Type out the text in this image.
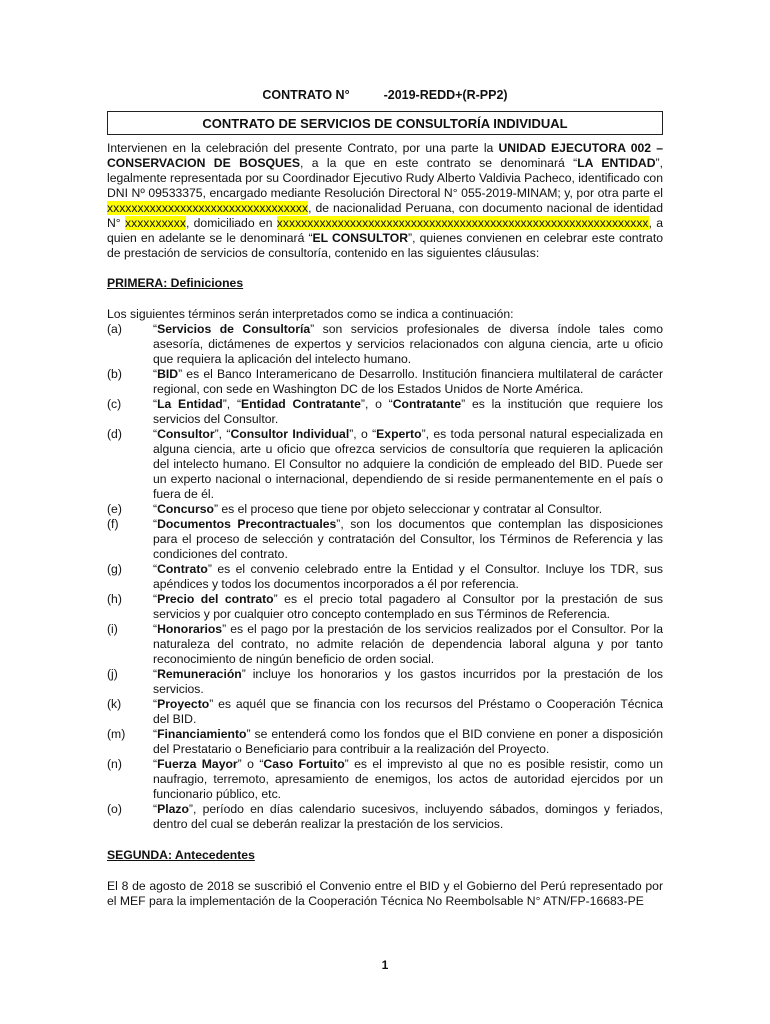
CONTRATO N°	-2019-REDD+(R-PP2)
CONTRATO DE SERVICIOS DE CONSULTORÍA INDIVIDUAL

Intervienen en la celebración del presente Contrato, por una parte la UNIDAD EJECUTORA 002 – CONSERVACION DE BOSQUES, a la que en este contrato se denominará “LA ENTIDAD”, legalmente representada por su Coordinador Ejecutivo Rudy Alberto Valdivia Pacheco, identificado con DNI Nº 09533375, encargado mediante Resolución Directoral N° 055-2019-MINAM; y, por otra parte el xxxxxxxxxxxxxxxxxxxxxxxxxxxxxxxxx, de nacionalidad Peruana, con documento nacional de identidad N° xxxxxxxxxx, domiciliado en xxxxxxxxxxxxxxxxxxxxxxxxxxxxxxxxxxxxxxxxxxxxxxxxxxxxxxxxxxxxx, a quien en adelante se le denominará “EL CONSULTOR”, quienes convienen en celebrar este contrato de prestación de servicios de consultoría, contenido en las siguientes cláusulas:

PRIMERA: Definiciones

Los siguientes términos serán interpretados como se indica a continuación:

(a)	“Servicios de Consultoría” son servicios profesionales de diversa índole tales como asesoría, dictámenes de expertos y servicios relacionados con alguna ciencia, arte u oficio que requiera la aplicación del intelecto humano.
(b)	“BID” es el Banco Interamericano de Desarrollo. Institución financiera multilateral de carácter regional, con sede en Washington DC de los Estados Unidos de Norte América.
(c)	“La Entidad”, “Entidad Contratante”, o “Contratante” es la institución que requiere los servicios del Consultor.
(d)	“Consultor”, “Consultor Individual”, o “Experto”, es toda personal natural especializada en alguna ciencia, arte u oficio que ofrezca servicios de consultoría que requieren la aplicación del intelecto humano. El Consultor no adquiere la condición de empleado del BID. Puede ser un experto nacional o internacional, dependiendo de si reside permanentemente en el país o fuera de él.
(e)	“Concurso” es el proceso que tiene por objeto seleccionar y contratar al Consultor.
(f)	“Documentos Precontractuales”, son los documentos que contemplan las disposiciones para el proceso de selección y contratación del Consultor, los Términos de Referencia y las condiciones del contrato.
(g)	“Contrato” es el convenio celebrado entre la Entidad y el Consultor. Incluye los TDR, sus apéndices y todos los documentos incorporados a él por referencia.
(h)	“Precio del contrato” es el precio total pagadero al Consultor por la prestación de sus servicios y por cualquier otro concepto contemplado en sus Términos de Referencia.
(i)	“Honorarios” es el pago por la prestación de los servicios realizados por el Consultor. Por la naturaleza del contrato, no admite relación de dependencia laboral alguna y por tanto reconocimiento de ningún beneficio de orden social.
(j)	“Remuneración” incluye los honorarios y los gastos incurridos por la prestación de los servicios.
(k)	“Proyecto” es aquél que se financia con los recursos del Préstamo o Cooperación Técnica del BID.
(m) “Financiamiento” se entenderá como los fondos que el BID conviene en poner a disposición del Prestatario o Beneficiario para contribuir a la realización del Proyecto.
(n)	“Fuerza Mayor” o “Caso Fortuito” es el imprevisto al que no es posible resistir, como un naufragio, terremoto, apresamiento de enemigos, los actos de autoridad ejercidos por un funcionario público, etc.
(o)	“Plazo”, período en días calendario sucesivos, incluyendo sábados, domingos y feriados, dentro del cual se deberán realizar la prestación de los servicios.
SEGUNDA: Antecedentes

El 8 de agosto de 2018 se suscribió el Convenio entre el BID y el Gobierno del Perú representado por el MEF para la implementación de la Cooperación Técnica No Reembolsable N° ATN/FP-16683-PE

1
